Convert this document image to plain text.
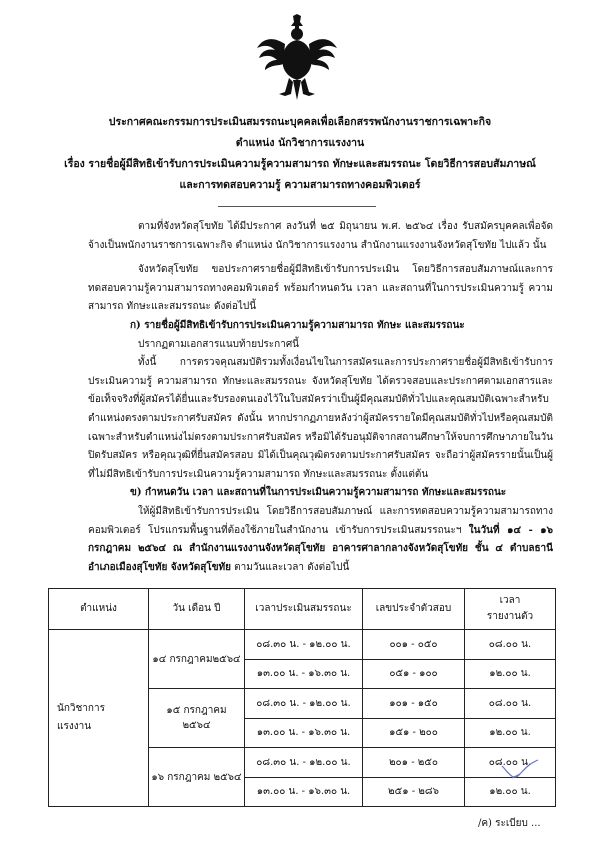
ประกาศคณะกรรมการประเมินสมรรถนะบุคคลเพื่อเลือกสรรพนักงานราชการเฉพาะกิจ
ตำแหน่ง นักวิชาการแรงงาน
เรื่อง รายชื่อผู้มีสิทธิเข้ารับการประเมินความรู้ความสามารถ ทักษะและสมรรถนะ โดยวิธีการสอบสัมภาษณ์
และการทดสอบความรู้ ความสามารถทางคอมพิวเตอร์

ตามที่จังหวัดสุโขทัย ได้มีประกาศ ลงวันที่ ๒๕ มิถุนายน พ.ศ. ๒๕๖๔ เรื่อง รับสมัครบุคคลเพื่อจัดจ้างเป็นพนักงานราชการเฉพาะกิจ ตำแหน่ง นักวิชาการแรงงาน สำนักงานแรงงานจังหวัดสุโขทัย ไปแล้ว นั้น

จังหวัดสุโขทัย ขอประกาศรายชื่อผู้มีสิทธิเข้ารับการประเมิน โดยวิธีการสอบสัมภาษณ์และการทดสอบความรู้ความสามารถทางคอมพิวเตอร์ พร้อมกำหนดวัน เวลา และสถานที่ในการประเมินความรู้ ความสามารถ ทักษะและสมรรถนะ ดังต่อไปนี้

ก) รายชื่อผู้มีสิทธิเข้ารับการประเมินความรู้ความสามารถ ทักษะ และสมรรถนะ

ปรากฏตามเอกสารแนบท้ายประกาศนี้

ทั้งนี้ การตรวจคุณสมบัติรวมทั้งเงื่อนไขในการสมัครและการประกาศรายชื่อผู้มีสิทธิเข้ารับการประเมินความรู้ ความสามารถ ทักษะและสมรรถนะ จังหวัดสุโขทัย ได้ตรวจสอบและประกาศตามเอกสารและข้อเท็จจริงที่ผู้สมัครได้ยื่นและรับรองตนเองไว้ในใบสมัครว่าเป็นผู้มีคุณสมบัติทั่วไปและคุณสมบัติเฉพาะสำหรับตำแหน่งตรงตามประกาศรับสมัคร ดังนั้น หากปรากฏภายหลังว่าผู้สมัครรายใดมีคุณสมบัติทั่วไปหรือคุณสมบัติเฉพาะสำหรับตำแหน่งไม่ตรงตามประกาศรับสมัคร หรือมิได้รับอนุมัติจากสถานศึกษาให้จบการศึกษาภายในวันปิดรับสมัคร หรือคุณวุฒิที่ยื่นสมัครสอบ มิได้เป็นคุณวุฒิตรงตามประกาศรับสมัคร จะถือว่าผู้สมัครรายนั้นเป็นผู้ที่ไม่มีสิทธิเข้ารับการประเมินความรู้ความสามารถ ทักษะและสมรรถนะ ตั้งแต่ต้น

ข) กำหนดวัน เวลา และสถานที่ในการประเมินความรู้ความสามารถ ทักษะและสมรรถนะ

ให้ผู้มีสิทธิเข้ารับการประเมิน โดยวิธีการสอบสัมภาษณ์ และการทดสอบความรู้ความสามารถทางคอมพิวเตอร์ โปรแกรมพื้นฐานที่ต้องใช้ภายในสำนักงาน เข้ารับการประเมินสมรรถนะฯ ในวันที่ ๑๔ - ๑๖ กรกฎาคม ๒๕๖๔ ณ สำนักงานแรงงานจังหวัดสุโขทัย อาคารศาลากลางจังหวัดสุโขทัย ชั้น ๔ ตำบลธานี อำเภอเมืองสุโขทัย จังหวัดสุโขทัย ตามวันและเวลา ดังต่อไปนี้

ตำแหน่ง	วัน เดือน ปี	เวลาประเมินสมรรถนะ	เลขประจำตัวสอบ	เวลา
รายงานตัว
นักวิชาการ
แรงงาน	๑๔ กรกฎาคม๒๕๖๔	๐๘.๓๐ น. - ๑๒.๐๐ น.	๐๐๑ - ๐๕๐	๐๘.๐๐ น.
		๑๓.๐๐ น. - ๑๖.๓๐ น.	๐๕๑ - ๑๐๐	๑๒.๐๐ น.
	๑๕ กรกฎาคม ๒๕๖๔	๐๘.๓๐ น. - ๑๒.๐๐ น.	๑๐๑ - ๑๕๐	๐๘.๐๐ น.
		๑๓.๐๐ น. - ๑๖.๓๐ น.	๑๕๑ - ๒๐๐	๑๒.๐๐ น.
	๑๖ กรกฎาคม ๒๕๖๔	๐๘.๓๐ น. - ๑๒.๐๐ น.	๒๐๑ - ๒๕๐	๐๘.๐๐ น.
		๑๓.๐๐ น. - ๑๖.๓๐ น.	๒๕๑ - ๒๘๖	๑๒.๐๐ น.
/ค) ระเบียบ ...
